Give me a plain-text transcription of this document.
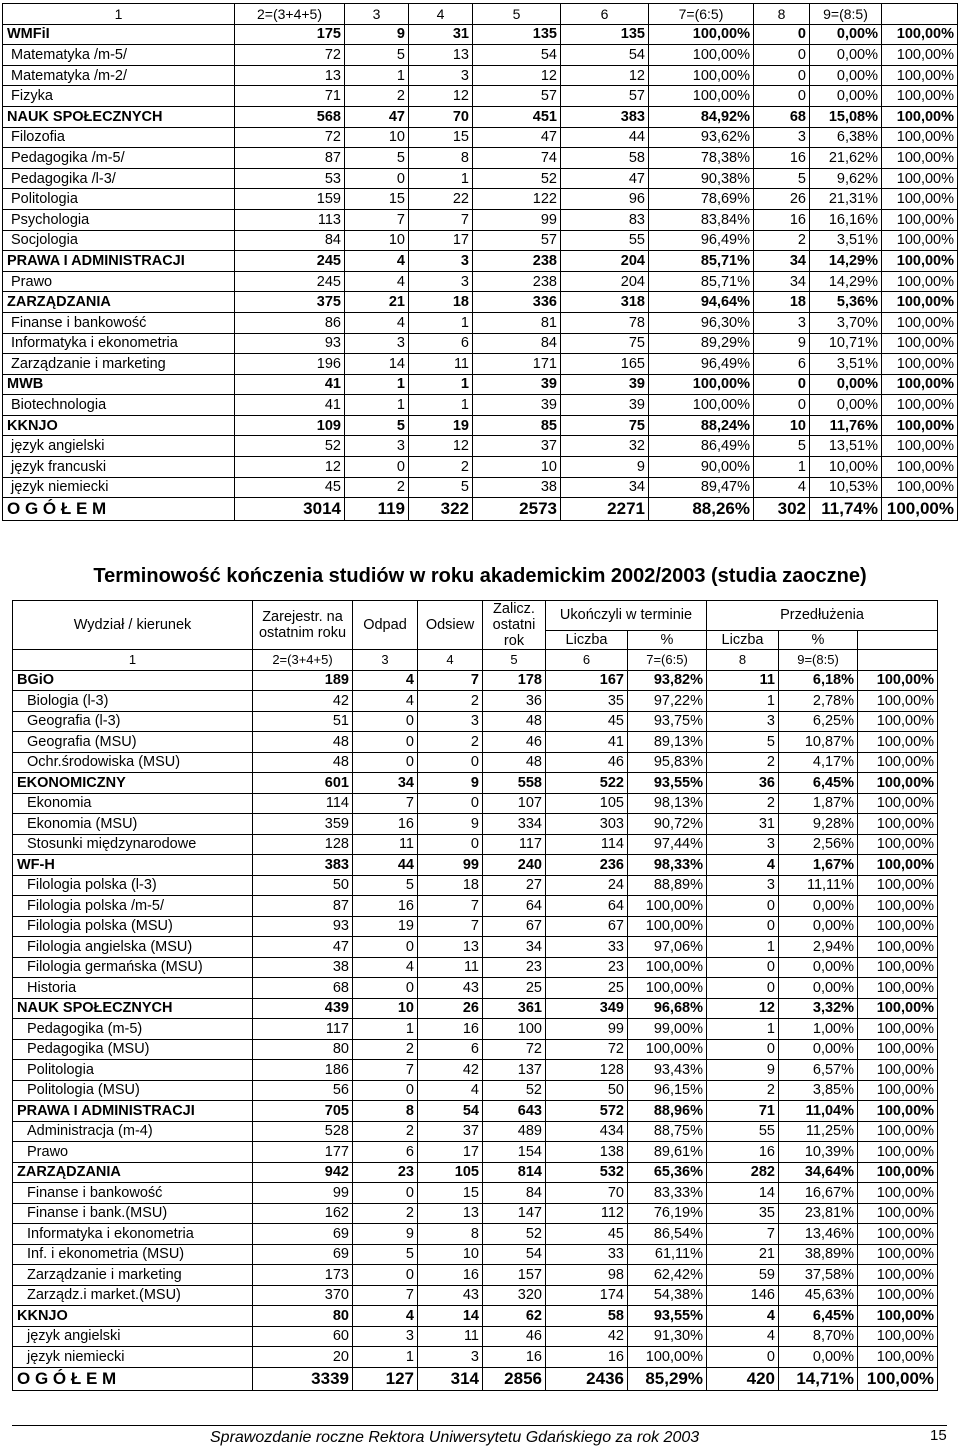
1	2=(3+4+5)	3	4	5	6	7=(6:5)	8	9=(8:5)	
WMFiI	175	9	31	135	135	100,00%	0	0,00%	100,00%
Matematyka /m-5/	72	5	13	54	54	100,00%	0	0,00%	100,00%
Matematyka /m-2/	13	1	3	12	12	100,00%	0	0,00%	100,00%
Fizyka	71	2	12	57	57	100,00%	0	0,00%	100,00%
NAUK SPOŁECZNYCH	568	47	70	451	383	84,92%	68	15,08%	100,00%
Filozofia	72	10	15	47	44	93,62%	3	6,38%	100,00%
Pedagogika /m-5/	87	5	8	74	58	78,38%	16	21,62%	100,00%
Pedagogika /l-3/	53	0	1	52	47	90,38%	5	9,62%	100,00%
Politologia	159	15	22	122	96	78,69%	26	21,31%	100,00%
Psychologia	113	7	7	99	83	83,84%	16	16,16%	100,00%
Socjologia	84	10	17	57	55	96,49%	2	3,51%	100,00%
PRAWA I ADMINISTRACJI	245	4	3	238	204	85,71%	34	14,29%	100,00%
Prawo	245	4	3	238	204	85,71%	34	14,29%	100,00%
ZARZĄDZANIA	375	21	18	336	318	94,64%	18	5,36%	100,00%
Finanse i bankowość	86	4	1	81	78	96,30%	3	3,70%	100,00%
Informatyka i ekonometria	93	3	6	84	75	89,29%	9	10,71%	100,00%
Zarządzanie i marketing	196	14	11	171	165	96,49%	6	3,51%	100,00%
MWB	41	1	1	39	39	100,00%	0	0,00%	100,00%
Biotechnologia	41	1	1	39	39	100,00%	0	0,00%	100,00%
KKNJO	109	5	19	85	75	88,24%	10	11,76%	100,00%
język angielski	52	3	12	37	32	86,49%	5	13,51%	100,00%
język francuski	12	0	2	10	9	90,00%	1	10,00%	100,00%
język niemiecki	45	2	5	38	34	89,47%	4	10,53%	100,00%
O G Ó Ł E M	3014	119	322	2573	2271	88,26%	302	11,74%	100,00%
Terminowość kończenia studiów w roku akademickim 2002/2003 (studia zaoczne)
Wydział / kierunek	Zarejestr. na ostatnim roku	Odpad	Odsiew	Zalicz. ostatni rok	Ukończyli w terminie		Przedłużenia		
					Liczba	%	Liczba	%	
1	2=(3+4+5)	3	4	5	6	7=(6:5)	8	9=(8:5)	
BGiO	189	4	7	178	167	93,82%	11	6,18%	100,00%
Biologia (l-3)	42	4	2	36	35	97,22%	1	2,78%	100,00%
Geografia (l-3)	51	0	3	48	45	93,75%	3	6,25%	100,00%
Geografia (MSU)	48	0	2	46	41	89,13%	5	10,87%	100,00%
Ochr.środowiska (MSU)	48	0	0	48	46	95,83%	2	4,17%	100,00%
EKONOMICZNY	601	34	9	558	522	93,55%	36	6,45%	100,00%
Ekonomia	114	7	0	107	105	98,13%	2	1,87%	100,00%
Ekonomia (MSU)	359	16	9	334	303	90,72%	31	9,28%	100,00%
Stosunki międzynarodowe	128	11	0	117	114	97,44%	3	2,56%	100,00%
WF-H	383	44	99	240	236	98,33%	4	1,67%	100,00%
Filologia polska (l-3)	50	5	18	27	24	88,89%	3	11,11%	100,00%
Filologia polska /m-5/	87	16	7	64	64	100,00%	0	0,00%	100,00%
Filologia polska (MSU)	93	19	7	67	67	100,00%	0	0,00%	100,00%
Filologia angielska (MSU)	47	0	13	34	33	97,06%	1	2,94%	100,00%
Filologia germańska (MSU)	38	4	11	23	23	100,00%	0	0,00%	100,00%
Historia	68	0	43	25	25	100,00%	0	0,00%	100,00%
NAUK SPOŁECZNYCH	439	10	26	361	349	96,68%	12	3,32%	100,00%
Pedagogika (m-5)	117	1	16	100	99	99,00%	1	1,00%	100,00%
Pedagogika (MSU)	80	2	6	72	72	100,00%	0	0,00%	100,00%
Politologia	186	7	42	137	128	93,43%	9	6,57%	100,00%
Politologia (MSU)	56	0	4	52	50	96,15%	2	3,85%	100,00%
PRAWA I ADMINISTRACJI	705	8	54	643	572	88,96%	71	11,04%	100,00%
Administracja (m-4)	528	2	37	489	434	88,75%	55	11,25%	100,00%
Prawo	177	6	17	154	138	89,61%	16	10,39%	100,00%
ZARZĄDZANIA	942	23	105	814	532	65,36%	282	34,64%	100,00%
Finanse i bankowość	99	0	15	84	70	83,33%	14	16,67%	100,00%
Finanse i bank.(MSU)	162	2	13	147	112	76,19%	35	23,81%	100,00%
Informatyka i ekonometria	69	9	8	52	45	86,54%	7	13,46%	100,00%
Inf. i ekonometria (MSU)	69	5	10	54	33	61,11%	21	38,89%	100,00%
Zarządzanie i marketing	173	0	16	157	98	62,42%	59	37,58%	100,00%
Zarządz.i market.(MSU)	370	7	43	320	174	54,38%	146	45,63%	100,00%
KKNJO	80	4	14	62	58	93,55%	4	6,45%	100,00%
język angielski	60	3	11	46	42	91,30%	4	8,70%	100,00%
język niemiecki	20	1	3	16	16	100,00%	0	0,00%	100,00%
O G Ó Ł E M	3339	127	314	2856	2436	85,29%	420	14,71%	100,00%
Sprawozdanie roczne Rektora Uniwersytetu Gdańskiego za rok 2003	15
